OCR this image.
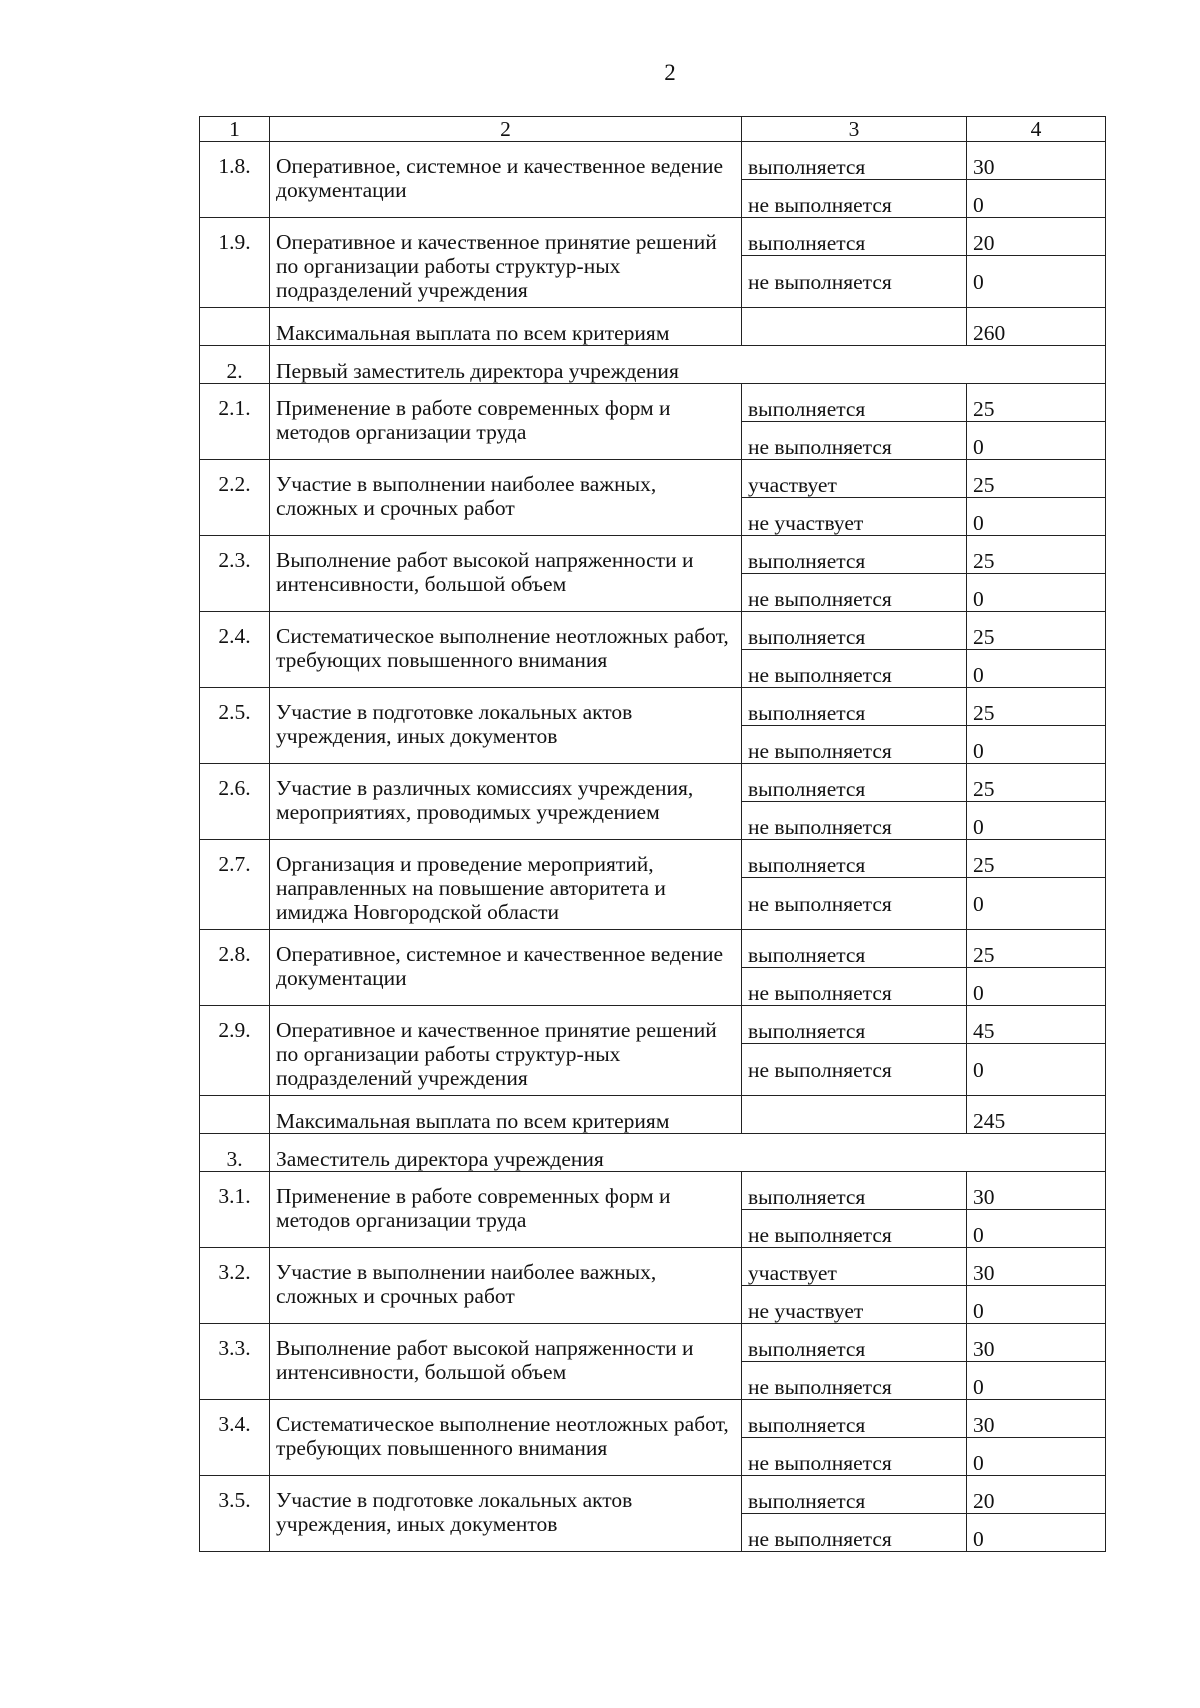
2
1	2	3	4
1.8.	Оперативное, системное и качественное ведение документации	выполняется	30
		не выполняется	0
1.9.	Оперативное и качественное принятие решений по организации работы структур-ных подразделений учреждения	выполняется	20
		не выполняется	0
	Максимальная выплата по всем критериям		260
2.	Первый заместитель директора учреждения		
2.1.	Применение в работе современных форм и методов организации труда	выполняется	25
		не выполняется	0
2.2.	Участие в выполнении наиболее важных, сложных и срочных работ	участвует	25
		не участвует	0
2.3.	Выполнение работ высокой напряженности и интенсивности, большой объем	выполняется	25
		не выполняется	0
2.4.	Систематическое выполнение неотложных работ, требующих повышенного внимания	выполняется	25
		не выполняется	0
2.5.	Участие в подготовке локальных актов учреждения, иных документов	выполняется	25
		не выполняется	0
2.6.	Участие в различных комиссиях учреждения, мероприятиях, проводимых учреждением	выполняется	25
		не выполняется	0
2.7.	Организация и проведение мероприятий, направленных на повышение авторитета и имиджа Новгородской области	выполняется	25
		не выполняется	0
2.8.	Оперативное, системное и качественное ведение документации	выполняется	25
		не выполняется	0
2.9.	Оперативное и качественное принятие решений по организации работы структур-ных подразделений учреждения	выполняется	45
		не выполняется	0
	Максимальная выплата по всем критериям		245
3.	Заместитель директора учреждения		
3.1.	Применение в работе современных форм и методов организации труда	выполняется	30
		не выполняется	0
3.2.	Участие в выполнении наиболее важных, сложных и срочных работ	участвует	30
		не участвует	0
3.3.	Выполнение работ высокой напряженности и интенсивности, большой объем	выполняется	30
		не выполняется	0
3.4.	Систематическое выполнение неотложных работ, требующих повышенного внимания	выполняется	30
		не выполняется	0
3.5.	Участие в подготовке локальных актов учреждения, иных документов	выполняется	20
		не выполняется	0
